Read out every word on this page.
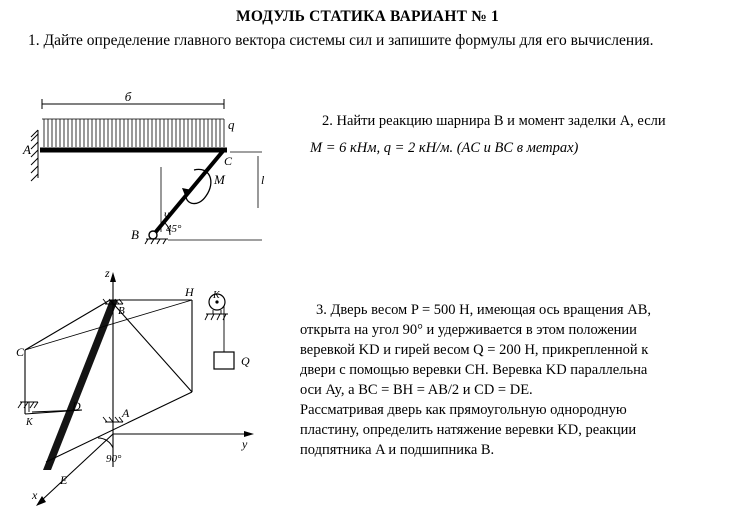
МОДУЛЬ СТАТИКА ВАРИАНТ № 1
1. Дайте определение главного вектора системы сил и запишите формулы для его вычисления.
2. Найти реакцию шарнира B и момент заделки A, если
M = 6 кНм, q = 2 кН/м. (AC и BC в метрах)
3. Дверь весом P = 500 H, имеющая ось вращения AB,
открыта на угол 90° и удерживается в этом положении
веревкой KD и гирей весом Q = 200 H, прикрепленной к
двери с помощью веревки CH. Веревка KD параллельна
оси Ay, а BC = BH = AB/2 и CD = DE.
Рассматривая дверь как прямоугольную однородную
пластину, определить натяжение веревки KD, реакции
подпятника A и подшипника B.
б
q
A
C
B 45°
M
ч
l
z
y
x
B
H
C
D
E
A
90°
K
Q
K
